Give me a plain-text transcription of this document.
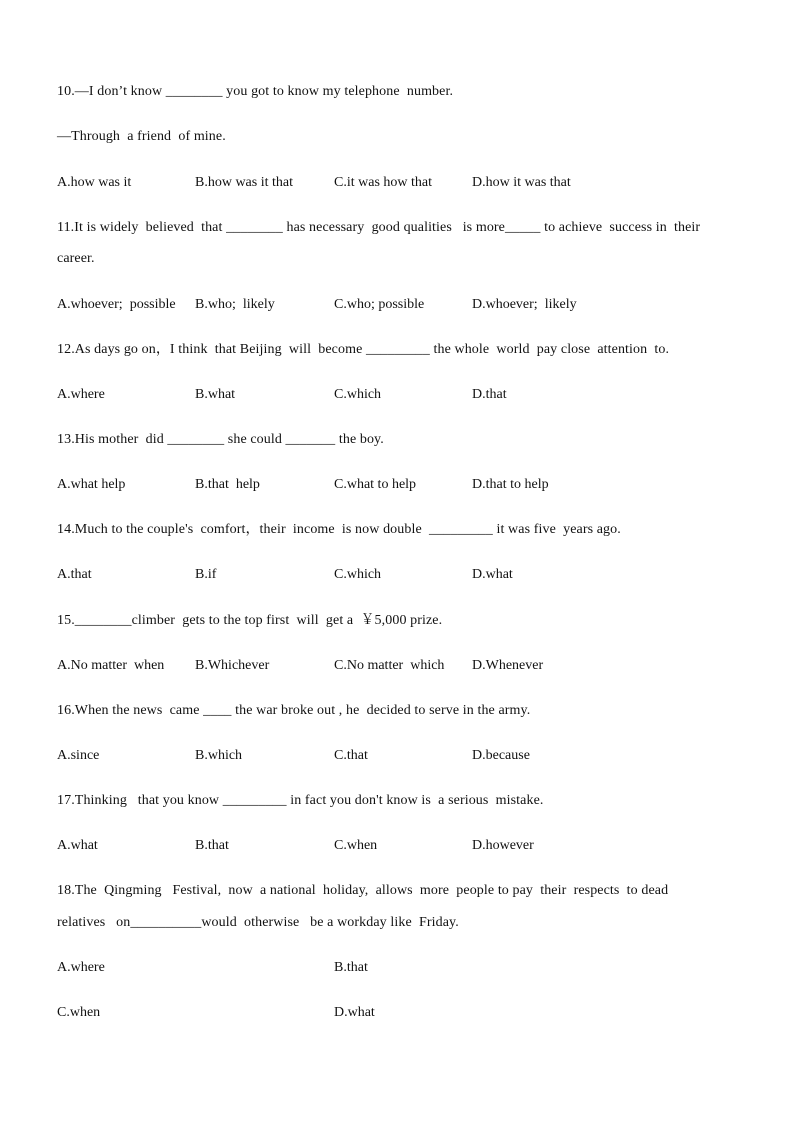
10.—I don’t know ________ you got to know my telephone  number.
—Through  a friend  of mine.
A.how was it	B.how was it that	C.it was how that	D.how it was that
11.It is widely  believed  that ________ has necessary  good qualities   is more_____ to achieve  success in  their
career.
A.whoever;  possible B.who;  likely	C.who; possible	D.whoever;  likely
12.As days go on，I think  that Beijing  will  become _________ the whole  world  pay close  attention  to.
A.where	B.what	C.which	D.that
13.His mother  did ________ she could _______ the boy.
A.what help	B.that  help	C.what to help	D.that to help
14.Much to the couple's  comfort，their  income  is now double  _________ it was five  years ago.
A.that	B.if	C.which	D.what
15.________climber  gets to the top first  will  get a  ￥5,000 prize.
A.No matter  when B.Whichever	C.No matter  which D.Whenever
16.When the news  came ____ the war broke out , he  decided to serve in the army.
A.since	B.which	C.that	D.because
17.Thinking   that you know _________ in fact you don't know is  a serious  mistake.
A.what	B.that	C.when	D.however
18.The  Qingming   Festival,  now  a national  holiday,  allows  more  people to pay  their  respects  to dead
relatives   on__________would  otherwise   be a workday like  Friday.
A.where	B.that
C.when	D.what
